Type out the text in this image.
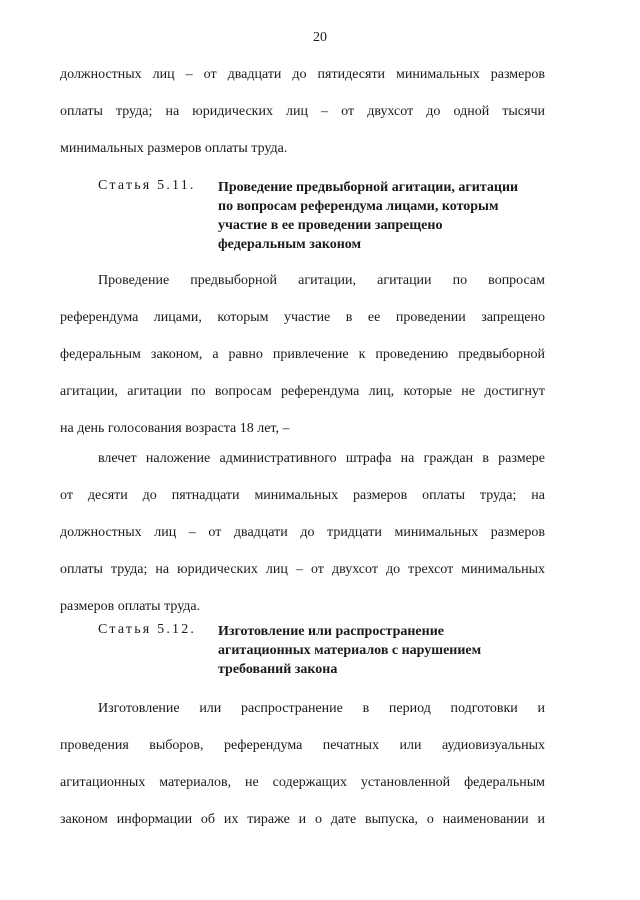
20
должностных лиц – от двадцати до пятидесяти минимальных размеров
оплаты труда; на юридических лиц – от двухсот до одной тысячи
минимальных размеров оплаты труда.
Статья 5.11. Проведение предвыборной агитации, агитации
по вопросам референдума лицами, которым
участие в ее проведении запрещено
федеральным законом
Проведение предвыборной агитации, агитации по вопросам
референдума лицами, которым участие в ее проведении запрещено
федеральным законом, а равно привлечение к проведению предвыборной
агитации, агитации по вопросам референдума лиц, которые не достигнут
на день голосования возраста 18 лет, –
влечет наложение административного штрафа на граждан в размере
от десяти до пятнадцати минимальных размеров оплаты труда; на
должностных лиц – от двадцати до тридцати минимальных размеров
оплаты труда; на юридических лиц – от двухсот до трехсот минимальных
размеров оплаты труда.
Статья 5.12. Изготовление или распространение
агитационных материалов с нарушением
требований закона
Изготовление или распространение в период подготовки и
проведения выборов, референдума печатных или аудиовизуальных
агитационных материалов, не содержащих установленной федеральным
законом информации об их тираже и о дате выпуска, о наименовании и
